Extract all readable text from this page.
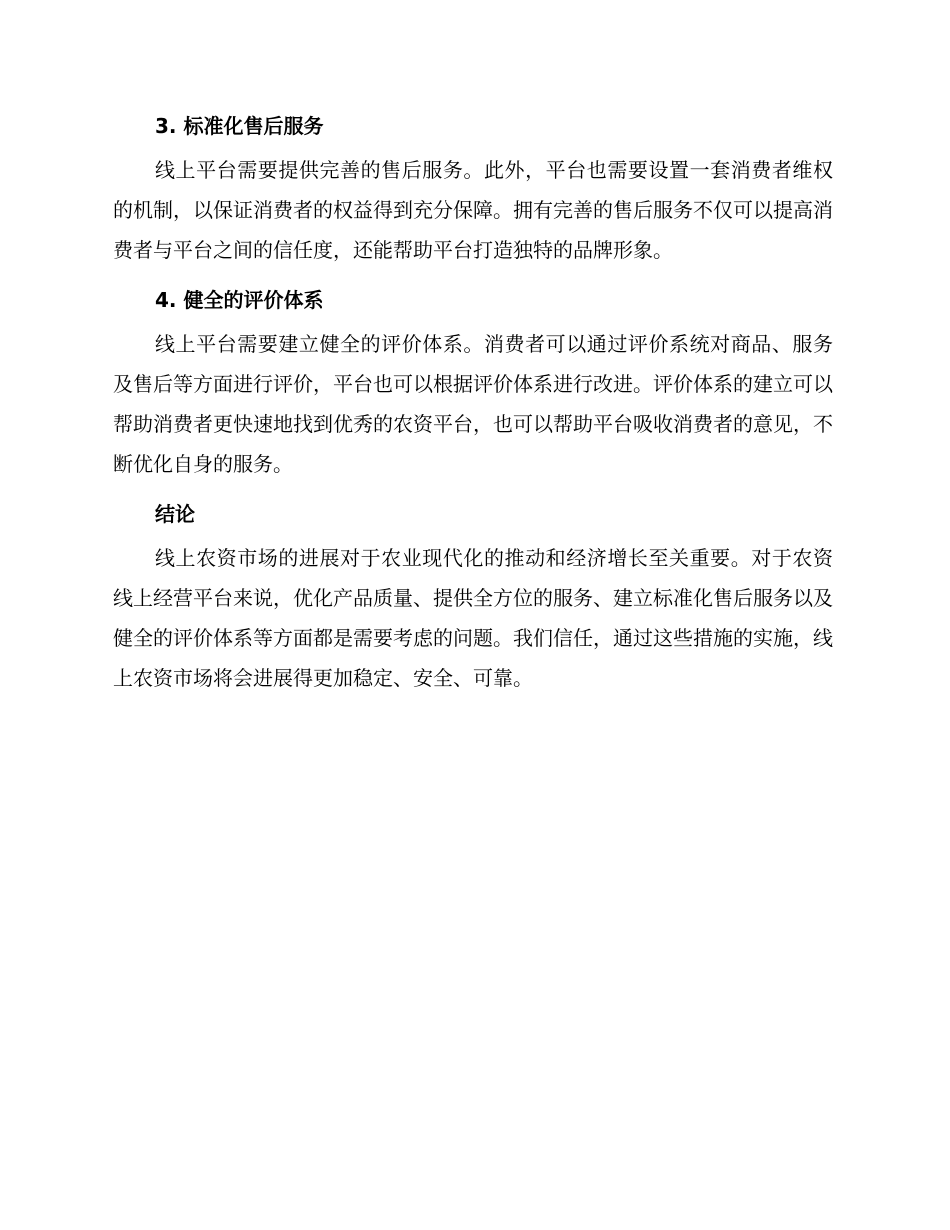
3. 标准化售后服务

线上平台需要提供完善的售后服务。此外，平台也需要设置一套消费者维权的机制，以保证消费者的权益得到充分保障。拥有完善的售后服务不仅可以提高消费者与平台之间的信任度，还能帮助平台打造独特的品牌形象。

4. 健全的评价体系

线上平台需要建立健全的评价体系。消费者可以通过评价系统对商品、服务及售后等方面进行评价，平台也可以根据评价体系进行改进。评价体系的建立可以帮助消费者更快速地找到优秀的农资平台，也可以帮助平台吸收消费者的意见，不断优化自身的服务。

结论

线上农资市场的进展对于农业现代化的推动和经济增长至关重要。对于农资线上经营平台来说，优化产品质量、提供全方位的服务、建立标准化售后服务以及健全的评价体系等方面都是需要考虑的问题。我们信任，通过这些措施的实施，线上农资市场将会进展得更加稳定、安全、可靠。
